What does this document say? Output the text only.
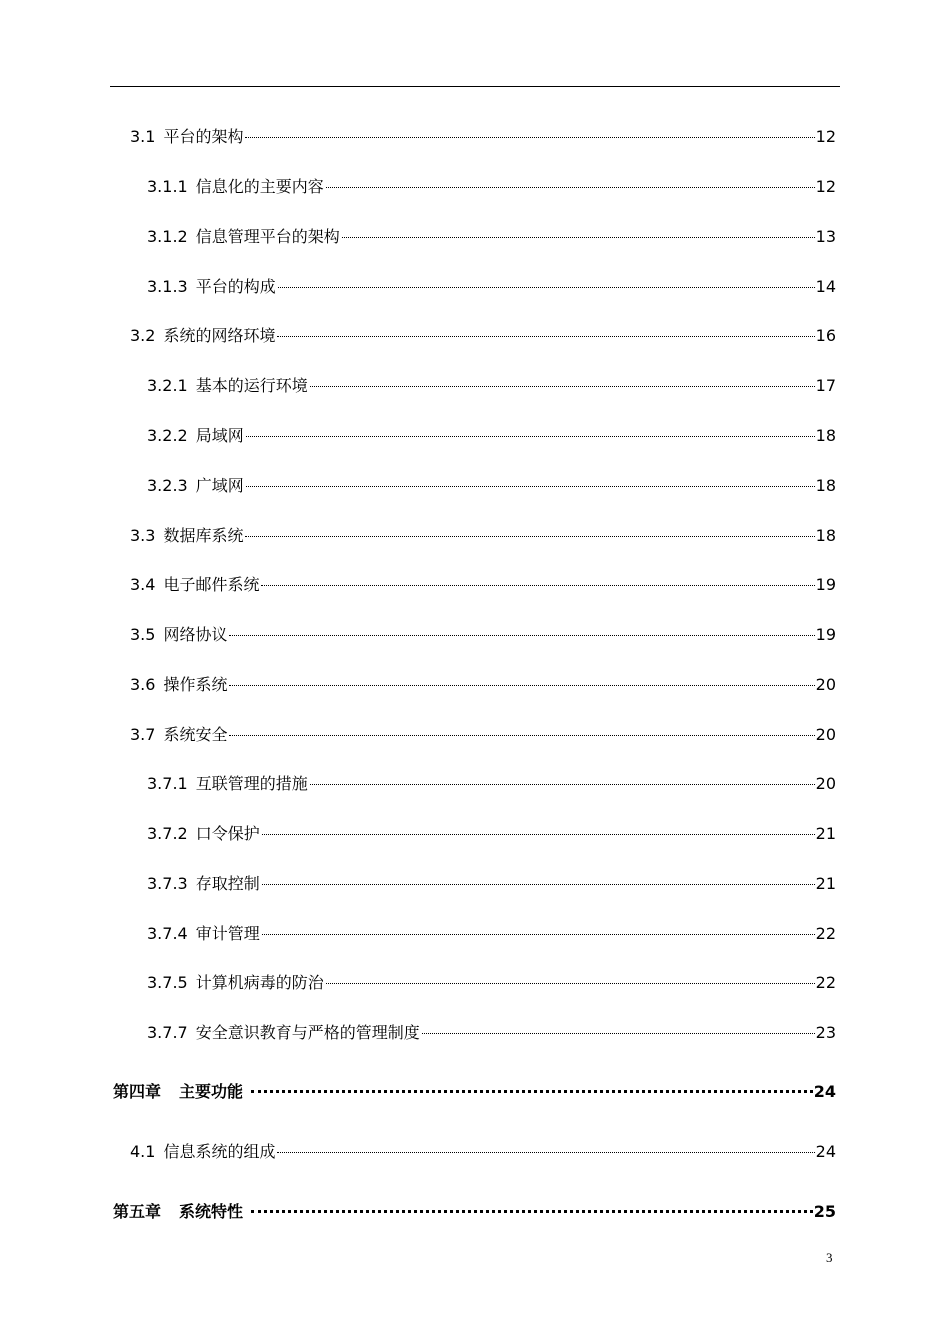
3.1 平台的架构	12
3.1.1 信息化的主要内容	12
3.1.2 信息管理平台的架构	13
3.1.3 平台的构成	14
3.2 系统的网络环境	16
3.2.1 基本的运行环境	17
3.2.2 局域网	18
3.2.3 广域网	18
3.3 数据库系统	18
3.4 电子邮件系统	19
3.5 网络协议	19
3.6 操作系统	20
3.7 系统安全	20
3.7.1 互联管理的措施	20
3.7.2 口令保护	21
3.7.3 存取控制	21
3.7.4 审计管理	22
3.7.5 计算机病毒的防治	22
3.7.7 安全意识教育与严格的管理制度	23
第四章 主要功能	24
4.1 信息系统的组成	24
第五章 系统特性	25
3
